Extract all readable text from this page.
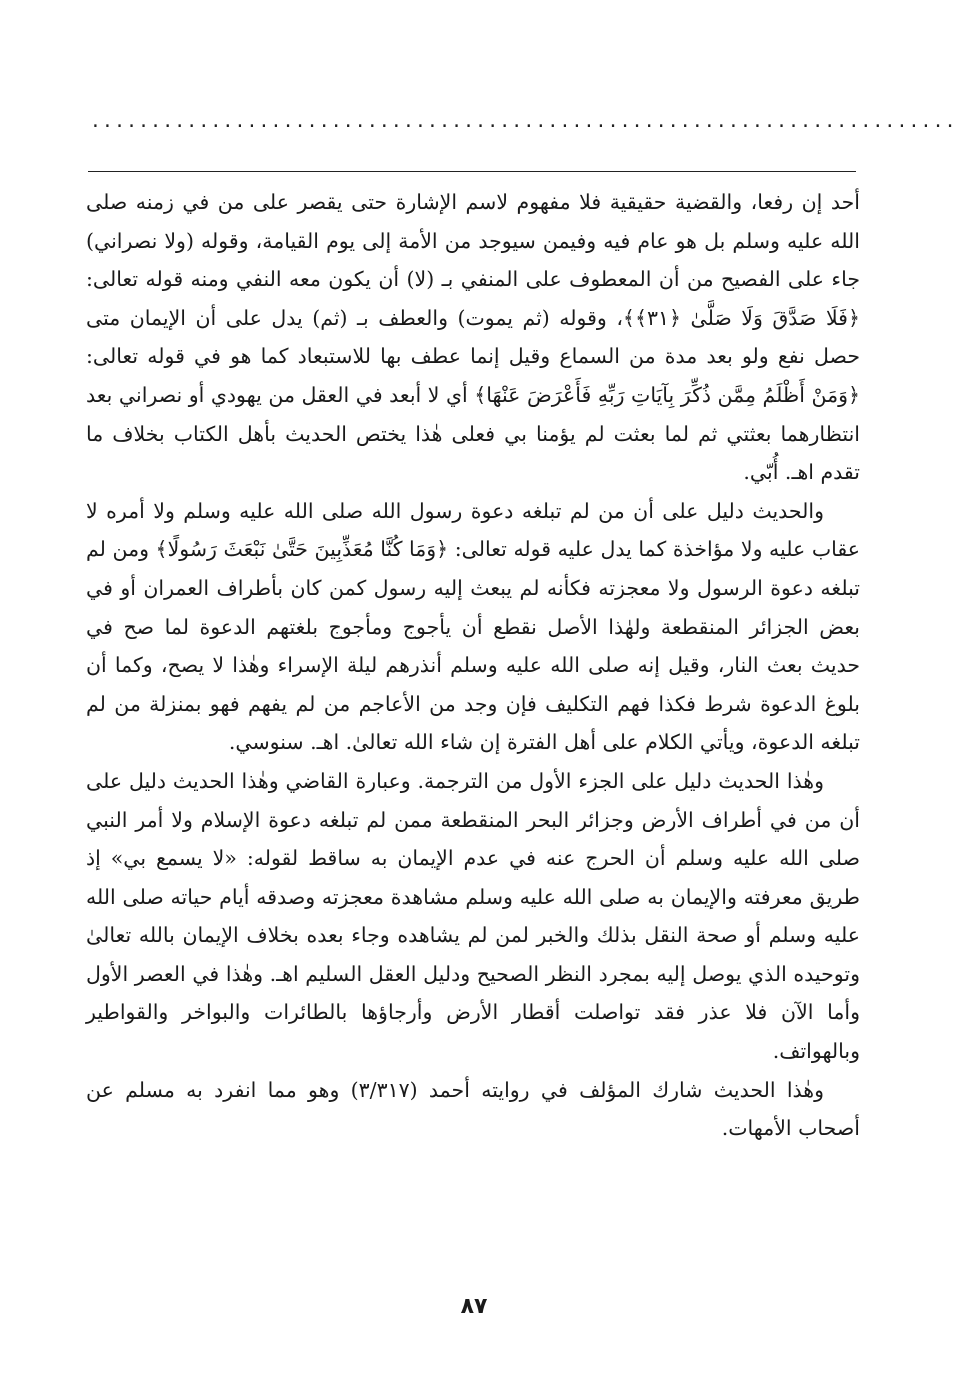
........................................................................

أحد إن رفعا، والقضية حقيقية فلا مفهوم لاسم الإشارة حتى يقصر على من في زمنه صلى الله عليه وسلم بل هو عام فيه وفيمن سيوجد من الأمة إلى يوم القيامة، وقوله (ولا نصراني) جاء على الفصيح من أن المعطوف على المنفي بـ (لا) أن يكون معه النفي ومنه قوله تعالى: ﴿فَلَا صَدَّقَ وَلَا صَلَّىٰ ﴿٣١﴾﴾، وقوله (ثم يموت) والعطف بـ (ثم) يدل على أن الإيمان متى حصل نفع ولو بعد مدة من السماع وقيل إنما عطف بها للاستبعاد كما هو في قوله تعالى: ﴿وَمَنْ أَظْلَمُ مِمَّن ذُكِّرَ بِآيَاتِ رَبِّهِ فَأَعْرَضَ عَنْهَا﴾ أي لا أبعد في العقل من يهودي أو نصراني بعد انتظارهما بعثتي ثم لما بعثت لم يؤمنا بي فعلى هٰذا يختص الحديث بأهل الكتاب بخلاف ما تقدم اهـ. أُبّي.

والحديث دليل على أن من لم تبلغه دعوة رسول الله صلى الله عليه وسلم ولا أمره لا عقاب عليه ولا مؤاخذة كما يدل عليه قوله تعالى: ﴿وَمَا كُنَّا مُعَذِّبِينَ حَتَّىٰ نَبْعَثَ رَسُولًا﴾ ومن لم تبلغه دعوة الرسول ولا معجزته فكأنه لم يبعث إليه رسول كمن كان بأطراف العمران أو في بعض الجزائر المنقطعة ولهٰذا الأصل نقطع أن يأجوج ومأجوج بلغتهم الدعوة لما صح في حديث بعث النار، وقيل إنه صلى الله عليه وسلم أنذرهم ليلة الإسراء وهٰذا لا يصح، وكما أن بلوغ الدعوة شرط فكذا فهم التكليف فإن وجد من الأعاجم من لم يفهم فهو بمنزلة من لم تبلغه الدعوة، ويأتي الكلام على أهل الفترة إن شاء الله تعالىٰ. اهـ. سنوسي.

وهٰذا الحديث دليل على الجزء الأول من الترجمة. وعبارة القاضي وهٰذا الحديث دليل على أن من في أطراف الأرض وجزائر البحر المنقطعة ممن لم تبلغه دعوة الإسلام ولا أمر النبي صلى الله عليه وسلم أن الحرج عنه في عدم الإيمان به ساقط لقوله: «لا يسمع بي» إذ طريق معرفته والإيمان به صلى الله عليه وسلم مشاهدة معجزته وصدقه أيام حياته صلى الله عليه وسلم أو صحة النقل بذلك والخبر لمن لم يشاهده وجاء بعده بخلاف الإيمان بالله تعالىٰ وتوحيده الذي يوصل إليه بمجرد النظر الصحيح ودليل العقل السليم اهـ. وهٰذا في العصر الأول وأما الآن فلا عذر فقد تواصلت أقطار الأرض وأرجاؤها بالطائرات والبواخر والقواطير وبالهواتف.

وهٰذا الحديث شارك المؤلف في روايته أحمد (٣/٣١٧) وهو مما انفرد به مسلم عن أصحاب الأمهات.

٨٧
